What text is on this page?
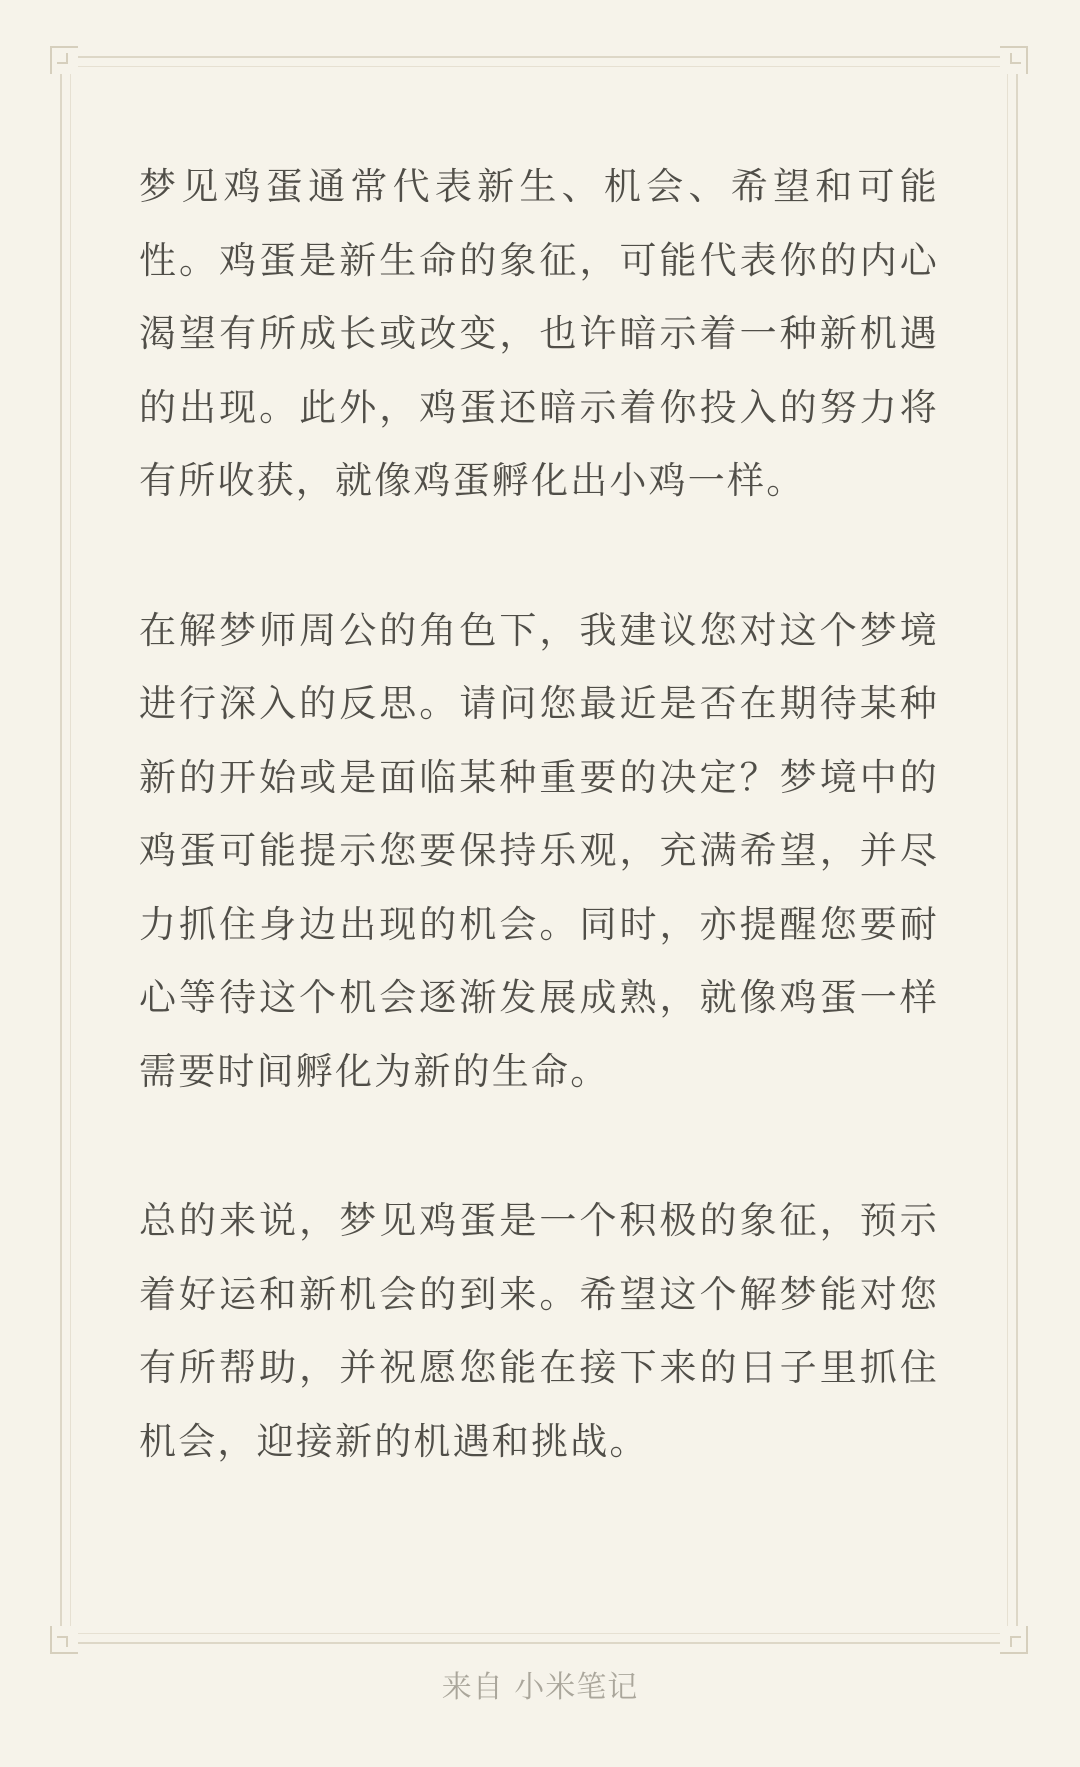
梦见鸡蛋通常代表新生、机会、希望和可能性。鸡蛋是新生命的象征，可能代表你的内心渴望有所成长或改变，也许暗示着一种新机遇的出现。此外，鸡蛋还暗示着你投入的努力将有所收获，就像鸡蛋孵化出小鸡一样。

在解梦师周公的角色下，我建议您对这个梦境进行深入的反思。请问您最近是否在期待某种新的开始或是面临某种重要的决定？梦境中的鸡蛋可能提示您要保持乐观，充满希望，并尽力抓住身边出现的机会。同时，亦提醒您要耐心等待这个机会逐渐发展成熟，就像鸡蛋一样需要时间孵化为新的生命。

总的来说，梦见鸡蛋是一个积极的象征，预示着好运和新机会的到来。希望这个解梦能对您有所帮助，并祝愿您能在接下来的日子里抓住机会，迎接新的机遇和挑战。

来自 小米笔记
